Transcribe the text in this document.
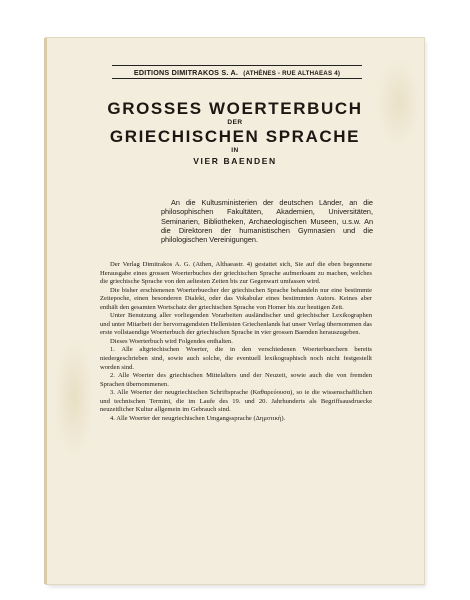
EDITIONS DIMITRAKOS S. A. (ATHÈNES - RUE ALTHAEAS 4)
GROSSES WOERTERBUCH
DER
GRIECHISCHEN SPRACHE
IN
VIER BAENDEN
An die Kultusministerien der deutschen Länder, an die philosophischen Fakultäten, Akademien, Universitäten, Seminarien, Bibliotheken, Archaeologischen Museen, u.s.w. An die Direktoren der humanistischen Gymnasien und die philologischen Vereinigungen.

Der Verlag Dimitrakos A. G. (Athen, Althaeastr. 4) gestattet sich, Sie auf die eben begonnene Herausgabe eines grossen Woerterbuches der griechischen Sprache aufmerksam zu machen, welches die griechische Sprache von den aeltesten Zeiten bis zur Gegenwart umfassen wird.

Die bisher erschienenen Woerterbuecher der griechischen Sprache behandeln nur eine bestimmte Zeitepoche, einen besonderen Dialekt, oder das Vokabular eines bestimmten Autors. Keines aber enthält den gesamten Wortschatz der griechischen Sprache von Homer bis zur heutigen Zeit.

Unter Benutzung aller vorliegenden Vorarbeiten ausländischer und griechischer Lexikographen und unter Mitarbeit der hervorragendsten Hellenisten Griechenlands hat unser Verlag übernommen das erste vollstaendige Woerterbuch der griechischen Sprache in vier grossen Baenden herauszugeben.

Dieses Woerterbuch wird Folgendes enthalten.

1. Alle altgriechischen Woerter, die in den verschiedenen Woerterbuechern bereits niedergeschrieben sind, sowie auch solche, die eventuell lexikographisch noch nicht festgestellt worden sind.

2. Alle Woerter des griechischen Mittelalters und der Neuzeit, sowie auch die von fremden Sprachen übernommenen.

3. Alle Woerter der neugriechischen Schriftsprache (Καθαρεύουσα), so ie die wissenschaftlichen und technischen Termini, die im Laufe des 19. und 20. Jahrhunderts als Begriffsausdruecke neuzeitlicher Kultur allgemein im Gebrauch sind.

4. Alle Woerter der neugriechischen Umgangssprache (Δημοτική).
